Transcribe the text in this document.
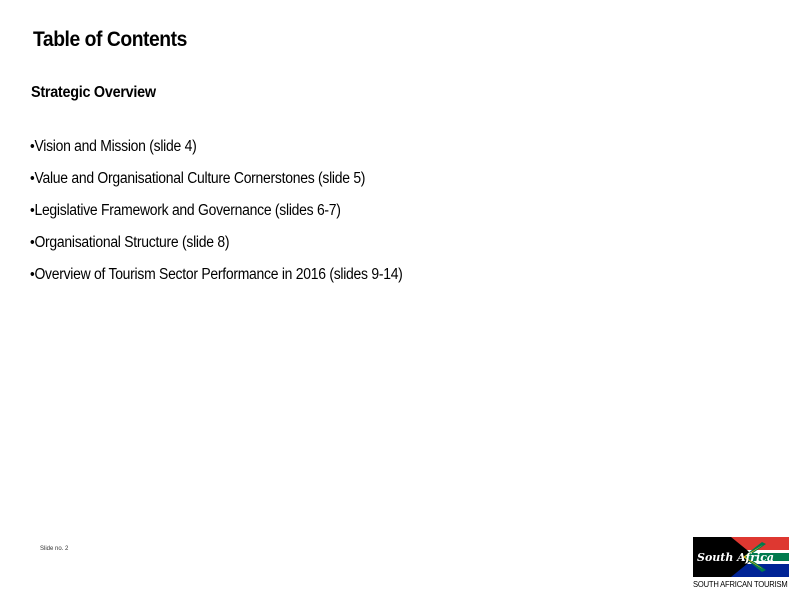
Table of Contents
Strategic Overview
• Vision and Mission (slide 4)
• Value and Organisational Culture Cornerstones (slide 5)
• Legislative Framework and Governance (slides 6-7)
• Organisational Structure (slide 8)
• Overview of Tourism Sector Performance in 2016 (slides 9-14)
Slide no. 2
South Africa
SOUTH AFRICAN TOURISM
